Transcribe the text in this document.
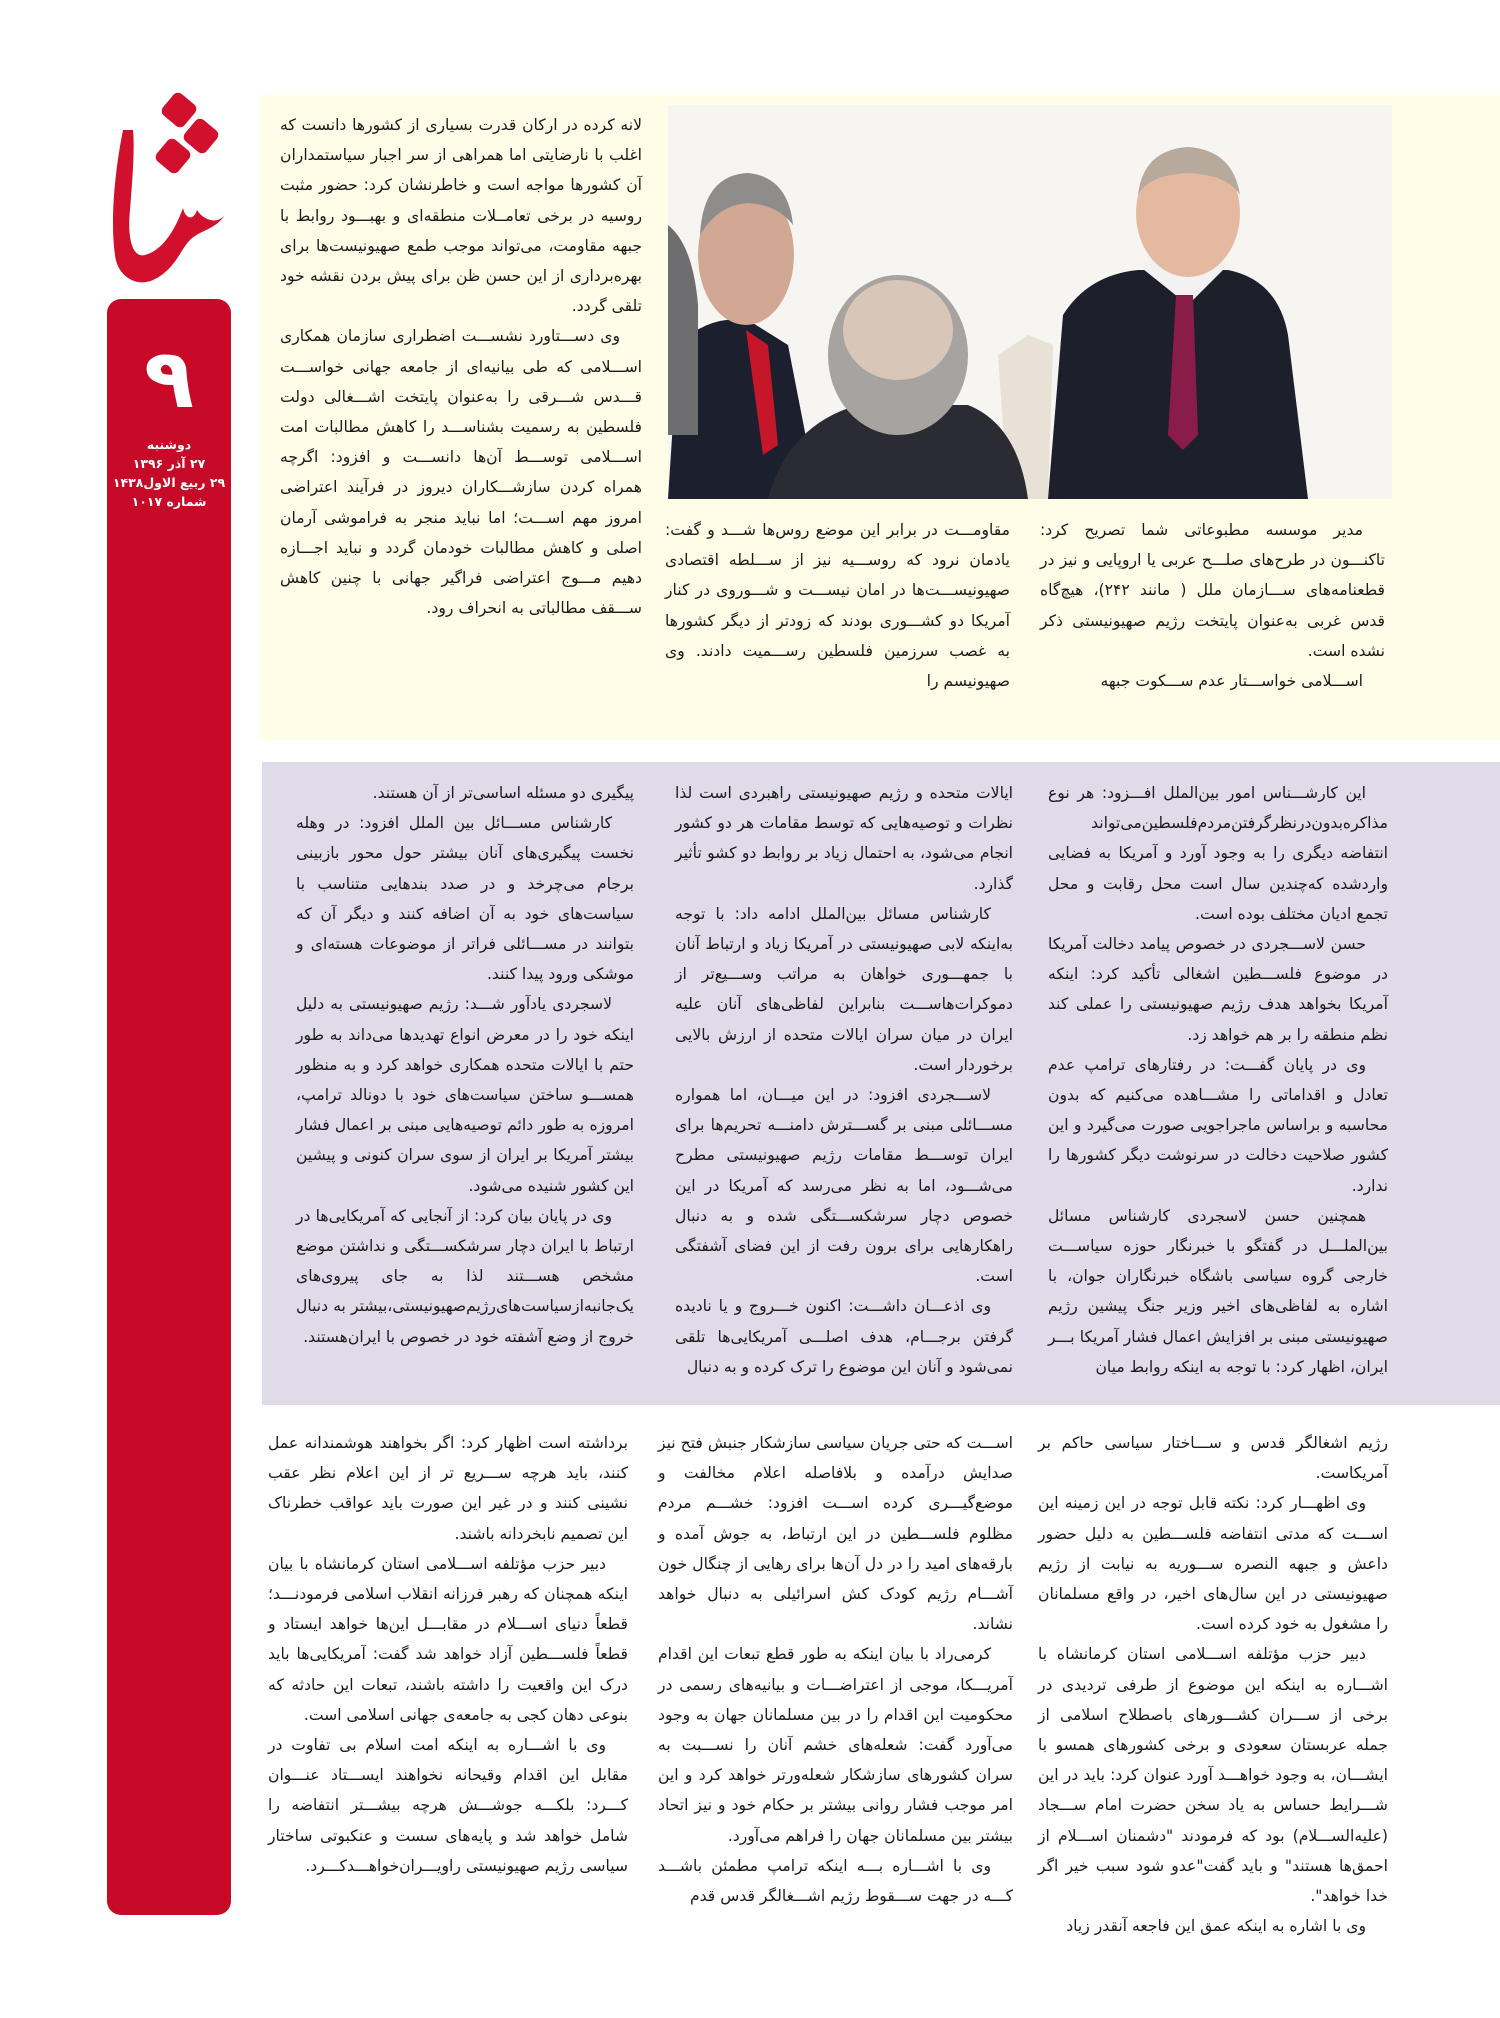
۹
دوشنبه
۲۷ آذر ۱۳۹۶
۲۹ ربیع الاول۱۴۳۸
شماره ۱۰۱۷

لانه کرده در ارکان قدرت بسیاری از کشورها دانست که اغلب با نارضایتی اما همراهی از سر اجبار سیاستمداران آن کشورها مواجه است و خاطرنشان کرد: حضور مثبت روسیه در برخی تعامــلات منطقه‌ای و بهبـــود روابط با جبهه مقاومت، می‌تواند موجب طمع صهیونیست‌ها برای بهره‌برداری از این حسن ظن برای پیش بردن نقشه خود تلقی گردد.

وی دســـتاورد نشســـت اضطراری سازمان همکاری اســـلامی که طی بیانیه‌ای از جامعه جهانی خواســـت قـــدس شـــرقی را به‌عنوان پایتخت اشـــغالی دولت فلسطین به رسمیت بشناســـد را کاهش مطالبات امت اســـلامی توســـط آن‌ها دانســـت و افزود: اگرچه همراه کردن سازشـــکاران دیروز در فرآیند اعتراضی امروز مهم اســـت؛ اما نباید منجر به فراموشی آرمان اصلی و کاهش مطالبات خودمان گردد و نباید اجـــازه دهیم مـــوج اعتراضی فراگیر جهانی با چنین کاهش ســـقف مطالباتی به انحراف رود.

مقاومـــت در برابر این موضع روس‌ها شـــد و گفت: یادمان نرود که روســـیه نیز از ســـلطه اقتصادی صهیونیســـت‌ها در امان نیســـت و شـــوروی در کنار آمریکا دو کشـــوری بودند که زودتر از دیگر کشورها به غصب سرزمین فلسطین رســـمیت دادند. وی صهیونیسم را

مدیر موسسه مطبوعاتی شما تصریح کرد: تاکنـــون در طرح‌های صلـــح عربی یا اروپایی و نیز در قطعنامه‌های ســـازمان ملل ( مانند ۲۴۲)، هیچ‌گاه قدس غربی به‌عنوان پایتخت رژیم صهیونیستی ذکر نشده است.

اســـلامی خواســـتار عدم ســـکوت جبهه

این کارشـــناس امور بین‌الملل افـــزود: هر نوع مذاکره‌بدون‌در‌نظر‌گرفتن‌مردم‌فلسطین‌می‌تواند انتفاضه دیگری را به وجود آورد و آمریکا به فضایی وارد‌شده که‌چندین سال است محل رقابت و محل تجمع ادیان مختلف بوده است.

حسن لاســـجردی در خصوص پیامد دخالت آمریکا در موضوع فلســـطین اشغالی تأکید کرد: اینکه آمریکا بخواهد هدف رژیم صهیونیستی را عملی کند نظم منطقه را بر هم خواهد زد.

وی در پایان گفـــت: در رفتارهای ترامپ عدم تعادل و اقداماتی را مشـــاهده می‌کنیم که بدون محاسبه و براساس ماجراجویی صورت می‌گیرد و این کشور صلاحیت دخالت در سرنوشت دیگر کشورها را ندارد.

همچنین حسن لاسجردی کارشناس مسائل بین‌الملـــل در گفتگو با خبرنگار حوزه سیاســـت خارجی گروه سیاسی باشگاه خبرنگاران جوان، با اشاره به لفاظی‌های اخیر وزیر جنگ پیشین رژیم صهیونیستی مبنی بر افزایش اعمال فشار آمریکا بـــر ایران، اظهار کرد: با توجه به اینکه روابط میان

ایالات متحده و رژیم صهیونیستی راهبردی است لذا نظرات و توصیه‌هایی که توسط مقامات هر دو کشور انجام می‌شود، به احتمال زیاد بر روابط دو کشو تأثیر گذارد.

کارشناس مسائل بین‌الملل ادامه داد: با توجه به‌اینکه لابی صهیونیستی در آمریکا زیاد و ارتباط آنان با جمهـــوری خواهان به مراتب وســـیع‌تر از دموکرات‌هاســـت بنابراین لفاظی‌های آنان علیه ایران در میان سران ایالات متحده از ارزش بالایی برخوردار است.

لاســـجردی افزود: در این میـــان، اما همواره مســـائلی مبنی بر گســـترش دامنـــه تحریم‌ها برای ایران توســـط مقامات رژیم صهیونیستی مطرح می‌شـــود، اما به نظر می‌رسد که آمریکا در این خصوص دچار سرشکســـتگی شده و به دنبال راهکارهایی برای برون رفت از این فضای آشفتگی است.

وی اذعـــان داشـــت: اکنون خـــروج و یا نادیده گرفتن برجـــام، هدف اصلـــی آمریکایی‌ها تلقی نمی‌شود و آنان این موضوع را ترک کرده و به دنبال

پیگیری دو مسئله اساسی‌تر از آن هستند.

کارشناس مســـائل بین الملل افزود: در وهله نخست پیگیری‌های آنان بیشتر حول محور بازبینی برجام می‌چرخد و در صدد بندهایی متناسب با سیاست‌های خود به آن اضافه کنند و دیگر آن که بتوانند در مســـائلی فراتر از موضوعات هسته‌ای و موشکی ورود پیدا کنند.

لاسجردی یادآور شـــد: رژیم صهیونیستی به دلیل اینکه خود را در معرض انواع تهدیدها می‌داند به طور حتم با ایالات متحده همکاری خواهد کرد و به منظور همســـو ساختن سیاست‌های خود با دونالد ترامپ، امروزه به طور دائم توصیه‌هایی مبنی بر اعمال فشار بیشتر آمریکا بر ایران از سوی سران کنونی و پیشین این کشور شنیده می‌شود.

وی در پایان بیان کرد: از آنجایی که آمریکایی‌ها در ارتباط با ایران دچار سرشکســـتگی و نداشتن موضع مشخص هســـتند لذا به جای پیروی‌های یک‌جانبه‌از‌سیاست‌های‌رژیم‌صهیونیستی،‌بیشتر به دنبال خروج از وضع آشفته خود در خصوص با ایران‌هستند.

رژیم اشغالگر قدس و ســـاختار سیاسی حاکم بر آمریکاست.

وی اظهـــار کرد: نکته قابل توجه در این زمینه این اســـت که مدتی انتفاضه فلســـطین به دلیل حضور داعش و جبهه النصره ســـوریه به نیابت از رژیم صهیونیستی در این سال‌های اخیر، در واقع مسلمانان را مشغول به خود کرده است.

دبیر حزب مؤتلفه اســـلامی استان کرمانشاه با اشـــاره به اینکه این موضوع از طرفی تردیدی در برخی از ســـران کشـــورهای باصطلاح اسلامی از جمله عربستان سعودی و برخی کشورهای همسو با ایشـــان، به وجود خواهـــد آورد عنوان کرد: باید در این شـــرایط حساس به یاد سخن حضرت امام ســـجاد (علیه‌الســـلام) بود که فرمودند "دشمنان اســـلام از احمق‌ها هستند" و باید گفت"عدو شود سبب خیر اگر خدا خواهد".

وی با اشاره به اینکه عمق این فاجعه آنقدر زیاد

اســـت که حتی جریان سیاسی سازشکار جنبش فتح نیز صدایش درآمده و بلافاصله اعلام مخالفت و موضع‌گیـــری کرده اســـت افزود: خشـــم مردم مظلوم فلســـطین در این ارتباط، به جوش آمده و بارقه‌های امید را در دل آن‌ها برای رهایی از چنگال خون آشـــام رژیم کودک کش اسرائیلی به دنبال خواهد نشاند.

کرمی‌راد با بیان اینکه به طور قطع تبعات این اقدام آمریـــکا، موجی از اعتراضـــات و بیانیه‌های رسمی در محکومیت این اقدام را در بین مسلمانان جهان به وجود می‌آورد گفت: شعله‌های خشم آنان را نســـبت به سران کشورهای سازشکار شعله‌ورتر خواهد کرد و این امر موجب فشار روانی بیشتر بر حکام خود و نیز اتحاد بیشتر بین مسلمانان جهان را فراهم می‌آورد.

وی با اشـــاره بـــه اینکه ترامپ مطمئن باشـــد کـــه در جهت ســـقوط رژیم اشـــغالگر قدس قدم

برداشته است اظهار کرد: اگر بخواهند هوشمندانه عمل کنند، باید هرچه ســـریع تر از این اعلام نظر عقب نشینی کنند و در غیر این صورت باید عواقب خطرناک این تصمیم نابخردانه باشند.

دبیر حزب مؤتلفه اســـلامی استان کرمانشاه با بیان اینکه همچنان که رهبر فرزانه انقلاب اسلامی فرمودنـــد؛ قطعاً دنیای اســـلام در مقابـــل این‌ها خواهد ایستاد و قطعاً فلســـطین آزاد خواهد شد گفت: آمریکایی‌ها باید درک این واقعیت را داشته باشند، تبعات این حادثه که بنوعی دهان کجی به جامعه‌ی جهانی اسلامی است.

وی با اشـــاره به اینکه امت اسلام بی تفاوت در مقابل این اقدام وقیحانه نخواهند ایســـتاد عنـــوان کـــرد: بلکـــه جوشـــش هرچه بیشـــتر انتفاضه را شامل خواهد شد و پایه‌های سست و عنکبوتی ساختار سیاسی رژیم صهیونیستی راویـــران‌خواهـــدکـــرد.
